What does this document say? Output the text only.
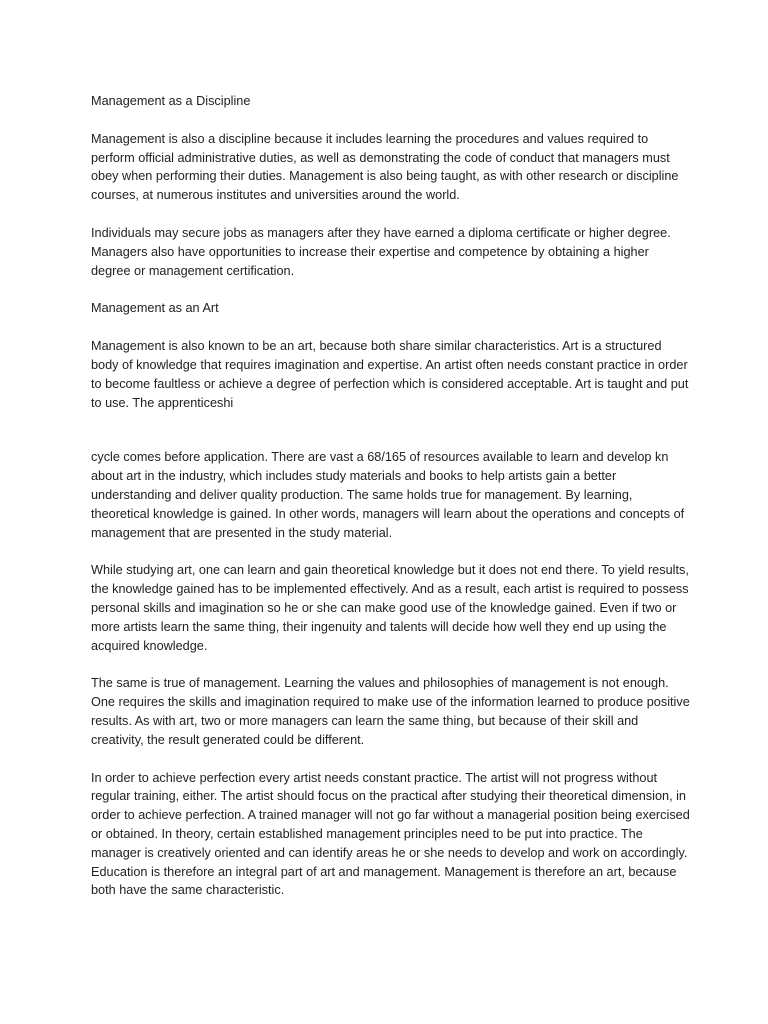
Management as a Discipline

Management is also a discipline because it includes learning the procedures and values required to perform official administrative duties, as well as demonstrating the code of conduct that managers must obey when performing their duties. Management is also being taught, as with other research or discipline courses, at numerous institutes and universities around the world.

Individuals may secure jobs as managers after they have earned a diploma certificate or higher degree. Managers also have opportunities to increase their expertise and competence by obtaining a higher degree or management certification.

Management as an Art

Management is also known to be an art, because both share similar characteristics. Art is a structured body of knowledge that requires imagination and expertise. An artist often needs constant practice in order to become faultless or achieve a degree of perfection which is considered acceptable. Art is taught and put to use. The apprenticeshi

cycle comes before application. There are vast a 68/165 of resources available to learn and develop kn about art in the industry, which includes study materials and books to help artists gain a better understanding and deliver quality production. The same holds true for management. By learning, theoretical knowledge is gained. In other words, managers will learn about the operations and concepts of management that are presented in the study material.

While studying art, one can learn and gain theoretical knowledge but it does not end there. To yield results, the knowledge gained has to be implemented effectively. And as a result, each artist is required to possess personal skills and imagination so he or she can make good use of the knowledge gained. Even if two or more artists learn the same thing, their ingenuity and talents will decide how well they end up using the acquired knowledge.

The same is true of management. Learning the values and philosophies of management is not enough. One requires the skills and imagination required to make use of the information learned to produce positive results. As with art, two or more managers can learn the same thing, but because of their skill and creativity, the result generated could be different.

In order to achieve perfection every artist needs constant practice. The artist will not progress without regular training, either. The artist should focus on the practical after studying their theoretical dimension, in order to achieve perfection. A trained manager will not go far without a managerial position being exercised or obtained. In theory, certain established management principles need to be put into practice. The manager is creatively oriented and can identify areas he or she needs to develop and work on accordingly. Education is therefore an integral part of art and management. Management is therefore an art, because both have the same characteristic.
